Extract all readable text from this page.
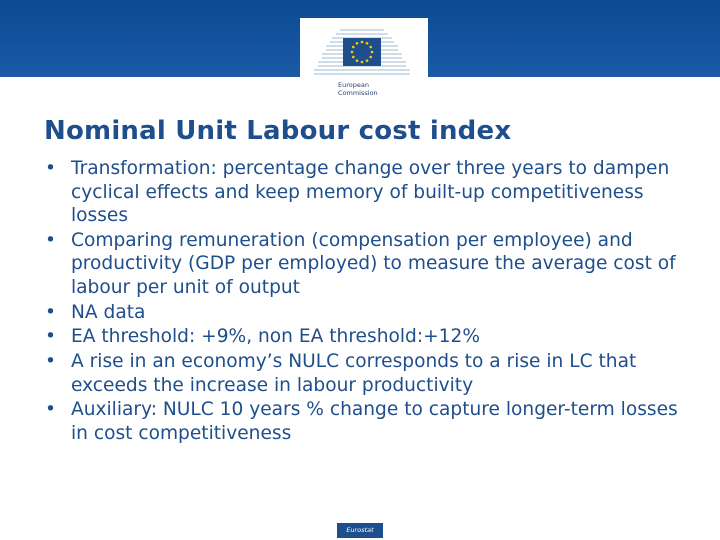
European
Commission
Nominal Unit Labour cost index
• Transformation: percentage change over three years to dampen cyclical effects and keep memory of built-up competitiveness losses
• Comparing remuneration (compensation per employee) and productivity (GDP per employed) to measure the average cost of labour per unit of output
• NA data
• EA threshold: +9%, non EA threshold:+12%
• A rise in an economy’s NULC corresponds to a rise in LC that exceeds the increase in labour productivity
• Auxiliary: NULC 10 years % change to capture longer-term losses in cost competitiveness
Eurostat
